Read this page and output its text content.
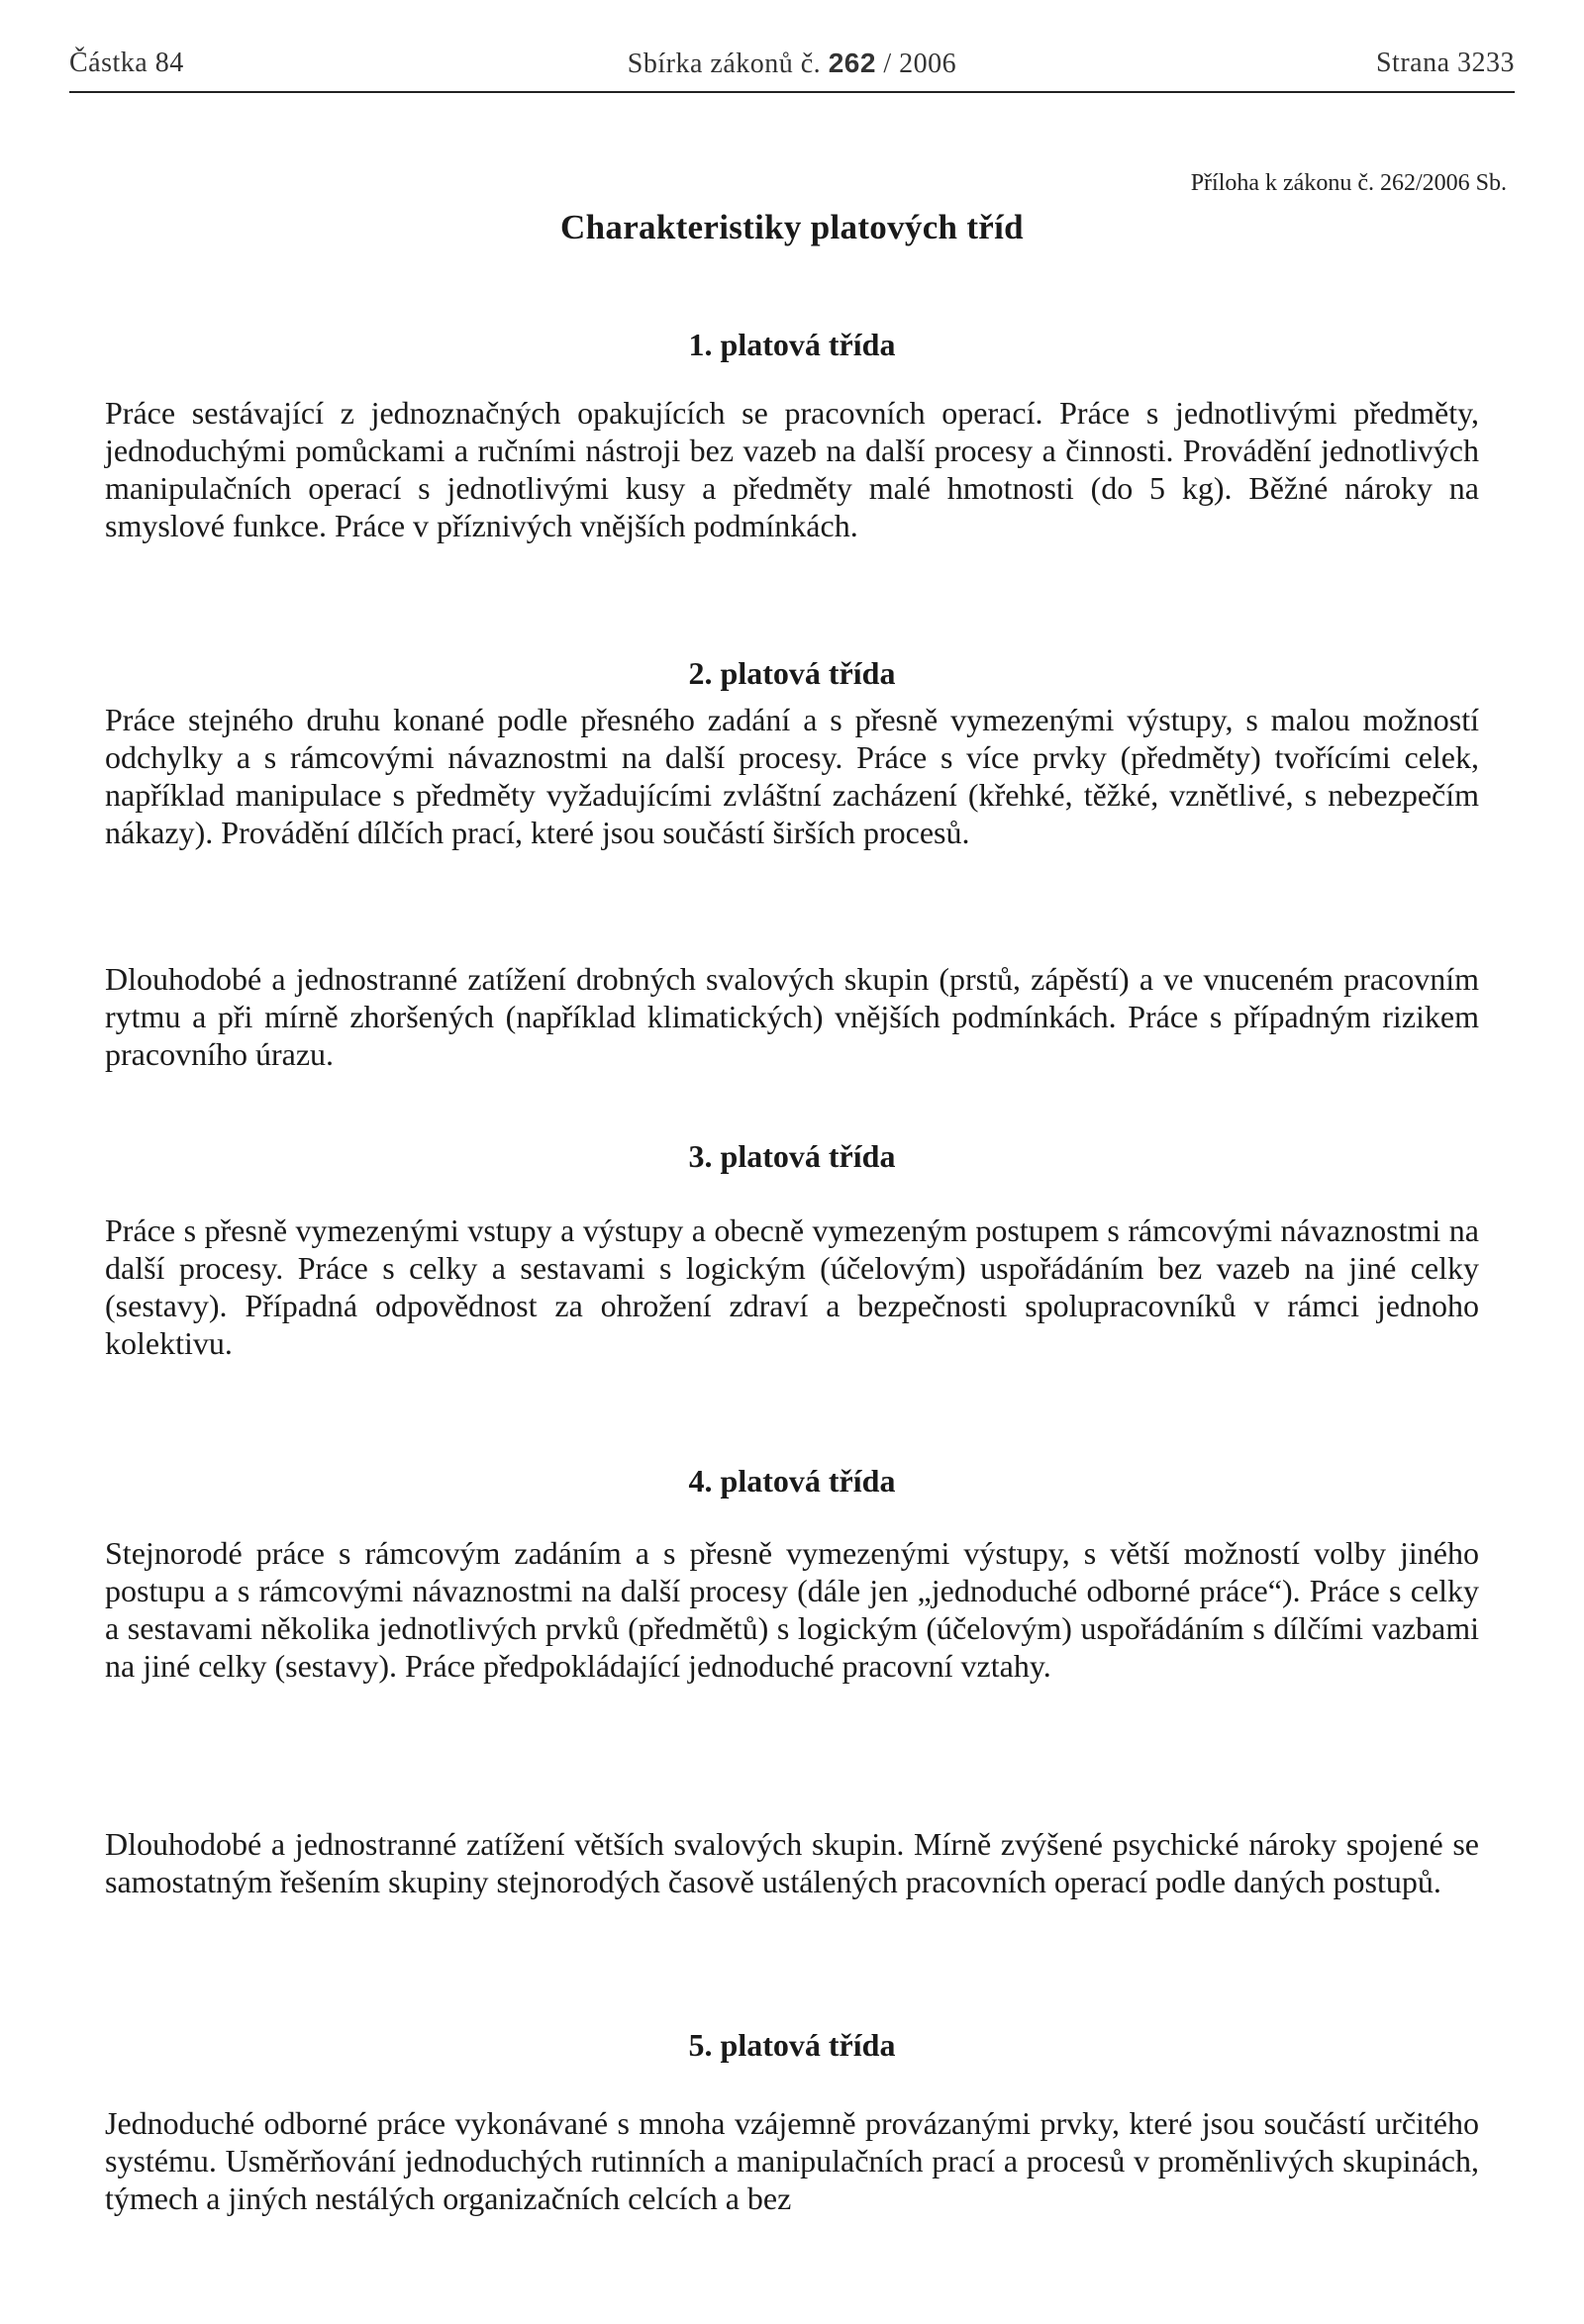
Částka 84	Sbírka zákonů č. 262 / 2006	Strana 3233
Příloha k zákonu č. 262/2006 Sb.
Charakteristiky platových tříd
1. platová třída

Práce sestávající z jednoznačných opakujících se pracovních operací. Práce s jednotlivými předměty, jednoduchými pomůckami a ručními nástroji bez vazeb na další procesy a činnosti. Provádění jednotlivých manipulačních operací s jednotlivými kusy a předměty malé hmotnosti (do 5 kg). Běžné nároky na smyslové funkce. Práce v příznivých vnějších podmínkách.

2. platová třída

Práce stejného druhu konané podle přesného zadání a s přesně vymezenými výstupy, s malou možností odchylky a s rámcovými návaznostmi na další procesy. Práce s více prvky (předměty) tvořícími celek, například manipulace s předměty vyžadujícími zvláštní zacházení (křehké, těžké, vznětlivé, s nebezpečím nákazy). Provádění dílčích prací, které jsou součástí širších procesů.

Dlouhodobé a jednostranné zatížení drobných svalových skupin (prstů, zápěstí) a ve vnuceném pracovním rytmu a při mírně zhoršených (například klimatických) vnějších podmínkách. Práce s případným rizikem pracovního úrazu.

3. platová třída

Práce s přesně vymezenými vstupy a výstupy a obecně vymezeným postupem s rámcovými návaznostmi na další procesy. Práce s celky a sestavami s logickým (účelovým) uspořádáním bez vazeb na jiné celky (sestavy). Případná odpovědnost za ohrožení zdraví a bezpečnosti spolupracovníků v rámci jednoho kolektivu.

4. platová třída

Stejnorodé práce s rámcovým zadáním a s přesně vymezenými výstupy, s větší možností volby jiného postupu a s rámcovými návaznostmi na další procesy (dále jen „jednoduché odborné práce“). Práce s celky a sestavami několika jednotlivých prvků (předmětů) s logickým (účelovým) uspořádáním s dílčími vazbami na jiné celky (sestavy). Práce předpokládající jednoduché pracovní vztahy.

Dlouhodobé a jednostranné zatížení větších svalových skupin. Mírně zvýšené psychické nároky spojené se samostatným řešením skupiny stejnorodých časově ustálených pracovních operací podle daných postupů.

5. platová třída

Jednoduché odborné práce vykonávané s mnoha vzájemně provázanými prvky, které jsou součástí určitého systému. Usměrňování jednoduchých rutinních a manipulačních prací a procesů v proměnlivých skupinách, týmech a jiných nestálých organizačních celcích a bez
